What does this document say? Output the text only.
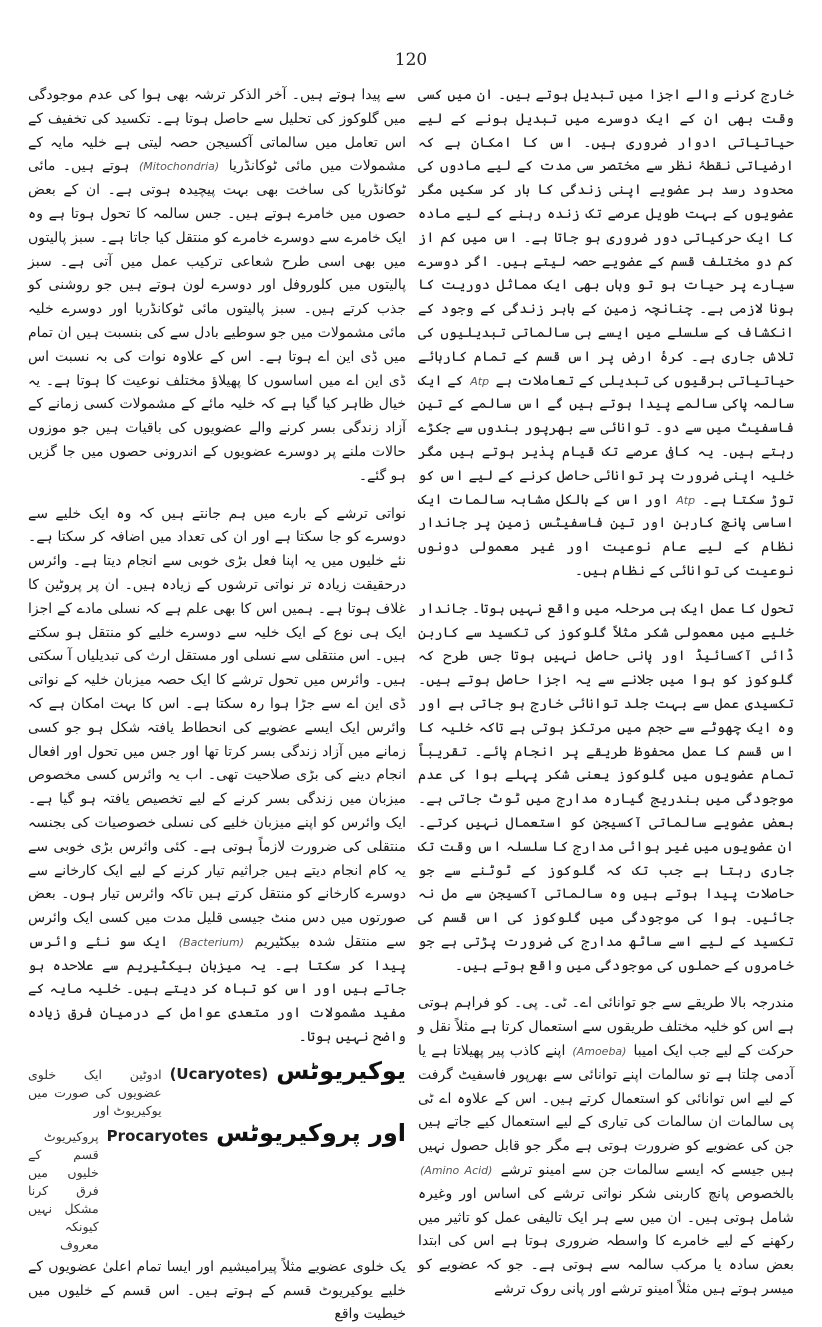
120

خارج کرنے والے اجزا میں تبدیل ہوتے ہیں۔ ان میں کسی وقت بھی ان کے ایک دوسرے میں تبدیل ہونے کے لیے حیاتیاتی ادوار ضروری ہیں۔ اس کا امکان ہے کہ ارضیاتی نقطۂ نظر سے مختصر سی مدت کے لیے مادوں کی محدود رسد ہر عضویے اپنی زندگی کا بار کر سکیں مگر عضویوں کے بہت طویل عرصے تک زندہ رہنے کے لیے مادہ کا ایک حرکیاتی دور ضروری ہو جاتا ہے۔ اس میں کم از کم دو مختلف قسم کے عضویے حصہ لیتے ہیں۔ اگر دوسرے سیارے پر حیات ہو تو وہاں بھی ایک مماثل دوریت کا ہونا لازمی ہے۔ چنانچہ زمین کے باہر زندگی کے وجود کے انکشاف کے سلسلے میں ایسے ہی سالماتی تبدیلیوں کی تلاش جاری ہے۔ کرۂ ارض پر اس قسم کے تمام کارہائے حیاتیاتی برقیوں کی تبدیلی کے تعاملات ہے Atp کے ایک سالمہ پاکی سالمے پیدا ہوتے ہیں گے اس سالمے کے تین فاسفیٹ میں سے دو۔ توانائی سے بھرپور بندوں سے جکڑے رہتے ہیں۔ یہ کافی عرصے تک قیام پذیر ہوتے ہیں مگر خلیہ اپنی ضرورت پر توانائی حاصل کرنے کے لیے اس کو توڑ سکتا ہے۔ Atp اور اس کے بالکل مشابہ سالمات ایک اساسی پانچ کاربن اور تین فاسفیٹس زمین پر جاندار نظام کے لیے عام نوعیت اور غیر معمولی دونوں نوعیت کی توانائی کے نظام ہیں۔

تحول کا عمل ایک ہی مرحلہ میں واقع نہیں ہوتا۔ جاندار خلیے میں معمولی شکر مثلاً گلوکوز کی تکسید سے کاربن ڈائی آکسائیڈ اور پانی حاصل نہیں ہوتا جس طرح کہ گلوکوز کو ہوا میں جلانے سے یہ اجزا حاصل ہوتے ہیں۔ تکسیدی عمل سے بہت جلد توانائی خارج ہو جاتی ہے اور وہ ایک چھوٹے سے حجم میں مرتکز ہوتی ہے تاکہ خلیہ کا اس قسم کا عمل محفوظ طریقے پر انجام پائے۔ تقریباً تمام عضویوں میں گلوکوز یعنی شکر پہلے ہوا کی عدم موجودگی میں بندریج گیارہ مدارج میں ٹوٹ جاتی ہے۔ بعض عضویے سالماتی آکسیجن کو استعمال نہیں کرتے۔ ان عضویوں میں غیر ہوائی مدارج کا سلسلہ اس وقت تک جاری رہتا ہے جب تک کہ گلوکوز کے ٹوٹنے سے جو حاصلات پیدا ہوتے ہیں وہ سالماتی آکسیجن سے مل نہ جائیں۔ ہوا کی موجودگی میں گلوکوز کی اس قسم کی تکسید کے لیے اسے ساٹھ مدارج کی ضرورت پڑتی ہے جو خامروں کے حملوں کی موجودگی میں واقع ہوتے ہیں۔

مندرجہ بالا طریقے سے جو توانائی اے۔ ٹی۔ پی۔ کو فراہم ہوتی ہے اس کو خلیہ مختلف طریقوں سے استعمال کرتا ہے مثلاً نقل و حرکت کے لیے جب ایک امیبا (Amoeba) اپنے کاذب پیر پھیلاتا ہے یا آدمی چلتا ہے تو سالمات اپنے توانائی سے بھرپور فاسفیٹ گرفت کے لیے اس توانائی کو استعمال کرتے ہیں۔ اس کے علاوہ اے ٹی پی سالمات ان سالمات کی تیاری کے لیے استعمال کیے جاتے ہیں جن کی عضویے کو ضرورت ہوتی ہے مگر جو قابل حصول نہیں ہیں جیسے کہ ایسے سالمات جن سے امینو ترشے (Amino Acid) بالخصوص پانچ کاربنی شکر نواتی ترشے کی اساس اور وغیرہ شامل ہوتی ہیں۔ ان میں سے ہر ایک تالیفی عمل کو تاثیر میں رکھنے کے لیے خامرے کا واسطہ ضروری ہوتا ہے اس کی ابتدا بعض سادہ یا مرکب سالمہ سے ہوتی ہے۔ جو کہ عضویے کو میسر ہوتے ہیں مثلاً امینو ترشے اور پانی روک ترشے

سے پیدا ہوتے ہیں۔ آخر الذکر ترشہ بھی ہوا کی عدم موجودگی میں گلوکوز کی تحلیل سے حاصل ہوتا ہے۔ تکسید کی تخفیف کے اس تعامل میں سالماتی آکسیجن حصہ لیتی ہے خلیہ مایہ کے مشمولات میں مائی ٹوکانڈریا (Mitochondria) ہوتے ہیں۔ مائی ٹوکانڈریا کی ساخت بھی بہت پیچیدہ ہوتی ہے۔ ان کے بعض حصوں میں خامرے ہوتے ہیں۔ جس سالمہ کا تحول ہوتا ہے وہ ایک خامرے سے دوسرے خامرے کو منتقل کیا جاتا ہے۔ سبز پالیتوں میں بھی اسی طرح شعاعی ترکیب عمل میں آتی ہے۔ سبز پالیتوں میں کلوروفل اور دوسرے لون ہوتے ہیں جو روشنی کو جذب کرتے ہیں۔ سبز پالیتوں مائی ٹوکانڈریا اور دوسرے خلیہ مائی مشمولات میں جو سوطیے بادل سے کی بنسبت ہیں ان تمام میں ڈی این اے ہوتا ہے۔ اس کے علاوہ نوات کی بہ نسبت اس ڈی این اے میں اساسوں کا پھیلاؤ مختلف نوعیت کا ہوتا ہے۔ یہ خیال ظاہر کیا گیا ہے کہ خلیہ مائے کے مشمولات کسی زمانے کے آزاد زندگی بسر کرنے والے عضویوں کی باقیات ہیں جو موزوں حالات ملنے پر دوسرے عضویوں کے اندرونی حصوں میں جا گزیں ہو گئے۔

نواتی ترشے کے بارے میں ہم جانتے ہیں کہ وہ ایک خلیے سے دوسرے کو جا سکتا ہے اور ان کی تعداد میں اضافہ کر سکتا ہے۔ نئے خلیوں میں یہ اپنا فعل بڑی خوبی سے انجام دیتا ہے۔ وائرس درحقیقت زیادہ تر نواتی ترشوں کے زیادہ ہیں۔ ان پر پروٹین کا غلاف ہوتا ہے۔ ہمیں اس کا بھی علم ہے کہ نسلی مادے کے اجزا ایک ہی نوع کے ایک خلیہ سے دوسرے خلیے کو منتقل ہو سکتے ہیں۔ اس منتقلی سے نسلی اور مستقل ارث کی تبدیلیاں آ سکتی ہیں۔ وائرس میں تحول ترشے کا ایک حصہ میزبان خلیہ کے نواتی ڈی این اے سے جڑا ہوا رہ سکتا ہے۔ اس کا بہت امکان ہے کہ وائرس ایک ایسے عضویے کی انحطاط یافتہ شکل ہو جو کسی زمانے میں آزاد زندگی بسر کرتا تھا اور جس میں تحول اور افعال انجام دینے کی بڑی صلاحیت تھی۔ اب یہ وائرس کسی مخصوص میزبان میں زندگی بسر کرنے کے لیے تخصیص یافتہ ہو گیا ہے۔ ایک وائرس کو اپنے میزبان خلیے کی نسلی خصوصیات کی بجنسہ منتقلی کی ضرورت لازماً ہوتی ہے۔ کئی وائرس بڑی خوبی سے یہ کام انجام دیتے ہیں جراثیم تیار کرنے کے لیے ایک کارخانے سے دوسرے کارخانے کو منتقل کرتے ہیں تاکہ وائرس تیار ہوں۔ بعض صورتوں میں دس منٹ جیسی قلیل مدت میں کسی ایک وائرس سے منتقل شدہ بیکٹیریم (Bacterium) ایک سو نئے وائرس پیدا کر سکتا ہے۔ یہ میزبان بیکٹیریم سے علاحدہ ہو جاتے ہیں اور اس کو تباہ کر دیتے ہیں۔ خلیہ مایہ کے مفید مشمولات اور متعدی عوامل کے درمیان فرق زیادہ واضح نہیں ہوتا۔

یوکیریوٹس
(Ucaryotes)
ادوٹین ایک خلوی عضویوں کی صورت میں یوکیریوٹ اور
اور پروکیریوٹس
Procaryotes
پروکیریوٹ قسم کے خلیوں میں فرق کرنا مشکل نہیں کیونکہ معروف

یک خلوی عضویے مثلاً پیرامیشیم اور ایسا تمام اعلیٰ عضویوں کے خلیے یوکیریوٹ قسم کے ہوتے ہیں۔ اس قسم کے خلیوں میں خیطیت واقع
